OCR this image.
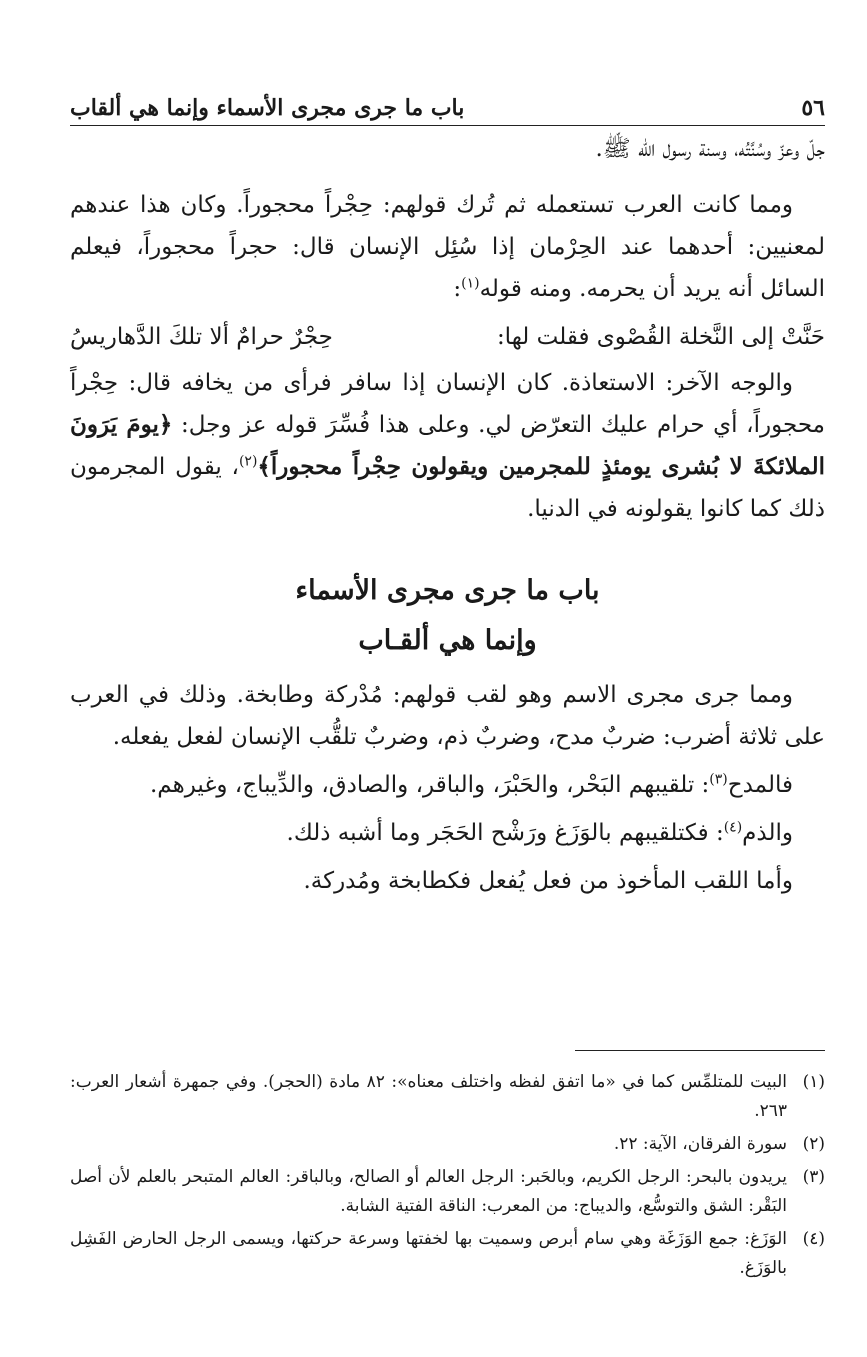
٥٦
باب ما جرى مجرى الأسماء وإنما هي ألقاب

جلّ وعزّ وسُنَّتُه، وسنة رسول الله ﷺ.

ومما كانت العرب تستعمله ثم تُرك قولهم: حِجْراً محجوراً. وكان هذا عندهم لمعنيين: أحدهما عند الحِرْمان إذا سُئِل الإنسان قال: حجراً محجوراً، فيعلم السائل أنه يريد أن يحرمه. ومنه قوله$^{(١)}$:

حَنَّتْ إلى النَّخلة القُصْوى فقلت لها:
حِجْرٌ حرامٌ ألا تلكَ الدَّهاريسُ

والوجه الآخر: الاستعاذة. كان الإنسان إذا سافر فرأى من يخافه قال: حِجْراً محجوراً، أي حرام عليك التعرّض لي. وعلى هذا فُسِّرَ قوله عز وجل: ﴿يومَ يَرَونَ الملائكةَ لا بُشرى يومئذٍ للمجرمين ويقولون حِجْراً محجوراً﴾$^{(٢)}$، يقول المجرمون ذلك كما كانوا يقولونه في الدنيا.

باب ما جرى مجرى الأسماء

وإنما هي ألقـاب

ومما جرى مجرى الاسم وهو لقب قولهم: مُدْركة وطابخة. وذلك في العرب على ثلاثة أضرب: ضربٌ مدح، وضربٌ ذم، وضربٌ تلقُّب الإنسان لفعل يفعله.

فالمدح$^{(٣)}$: تلقيبهم البَحْر، والحَبْرَ، والباقر، والصادق، والدِّيباج، وغيرهم.

والذم$^{(٤)}$: فكتلقيبهم بالوَزَغ ورَشْح الحَجَر وما أشبه ذلك.

وأما اللقب المأخوذ من فعل يُفعل فكطابخة ومُدركة.

(١)
البيت للمتلمِّس كما في «ما اتفق لفظه واختلف معناه»: ٨٢ مادة (الحجر). وفي جمهرة أشعار العرب: ٢٦٣.
(٢)
سورة الفرقان، الآية: ٢٢.
(٣)
يريدون بالبحر: الرجل الكريم، وبالحَبر: الرجل العالم أو الصالح، وبالباقر: العالم المتبحر بالعلم لأن أصل البَقْر: الشق والتوسُّع، والديباج: من المعرب: الناقة الفتية الشابة.
(٤)
الوَزَغ: جمع الوَزَغَة وهي سام أبرص وسميت بها لخفتها وسرعة حركتها، ويسمى الرجل الحارض الفَشِل بالوَزَغ.
